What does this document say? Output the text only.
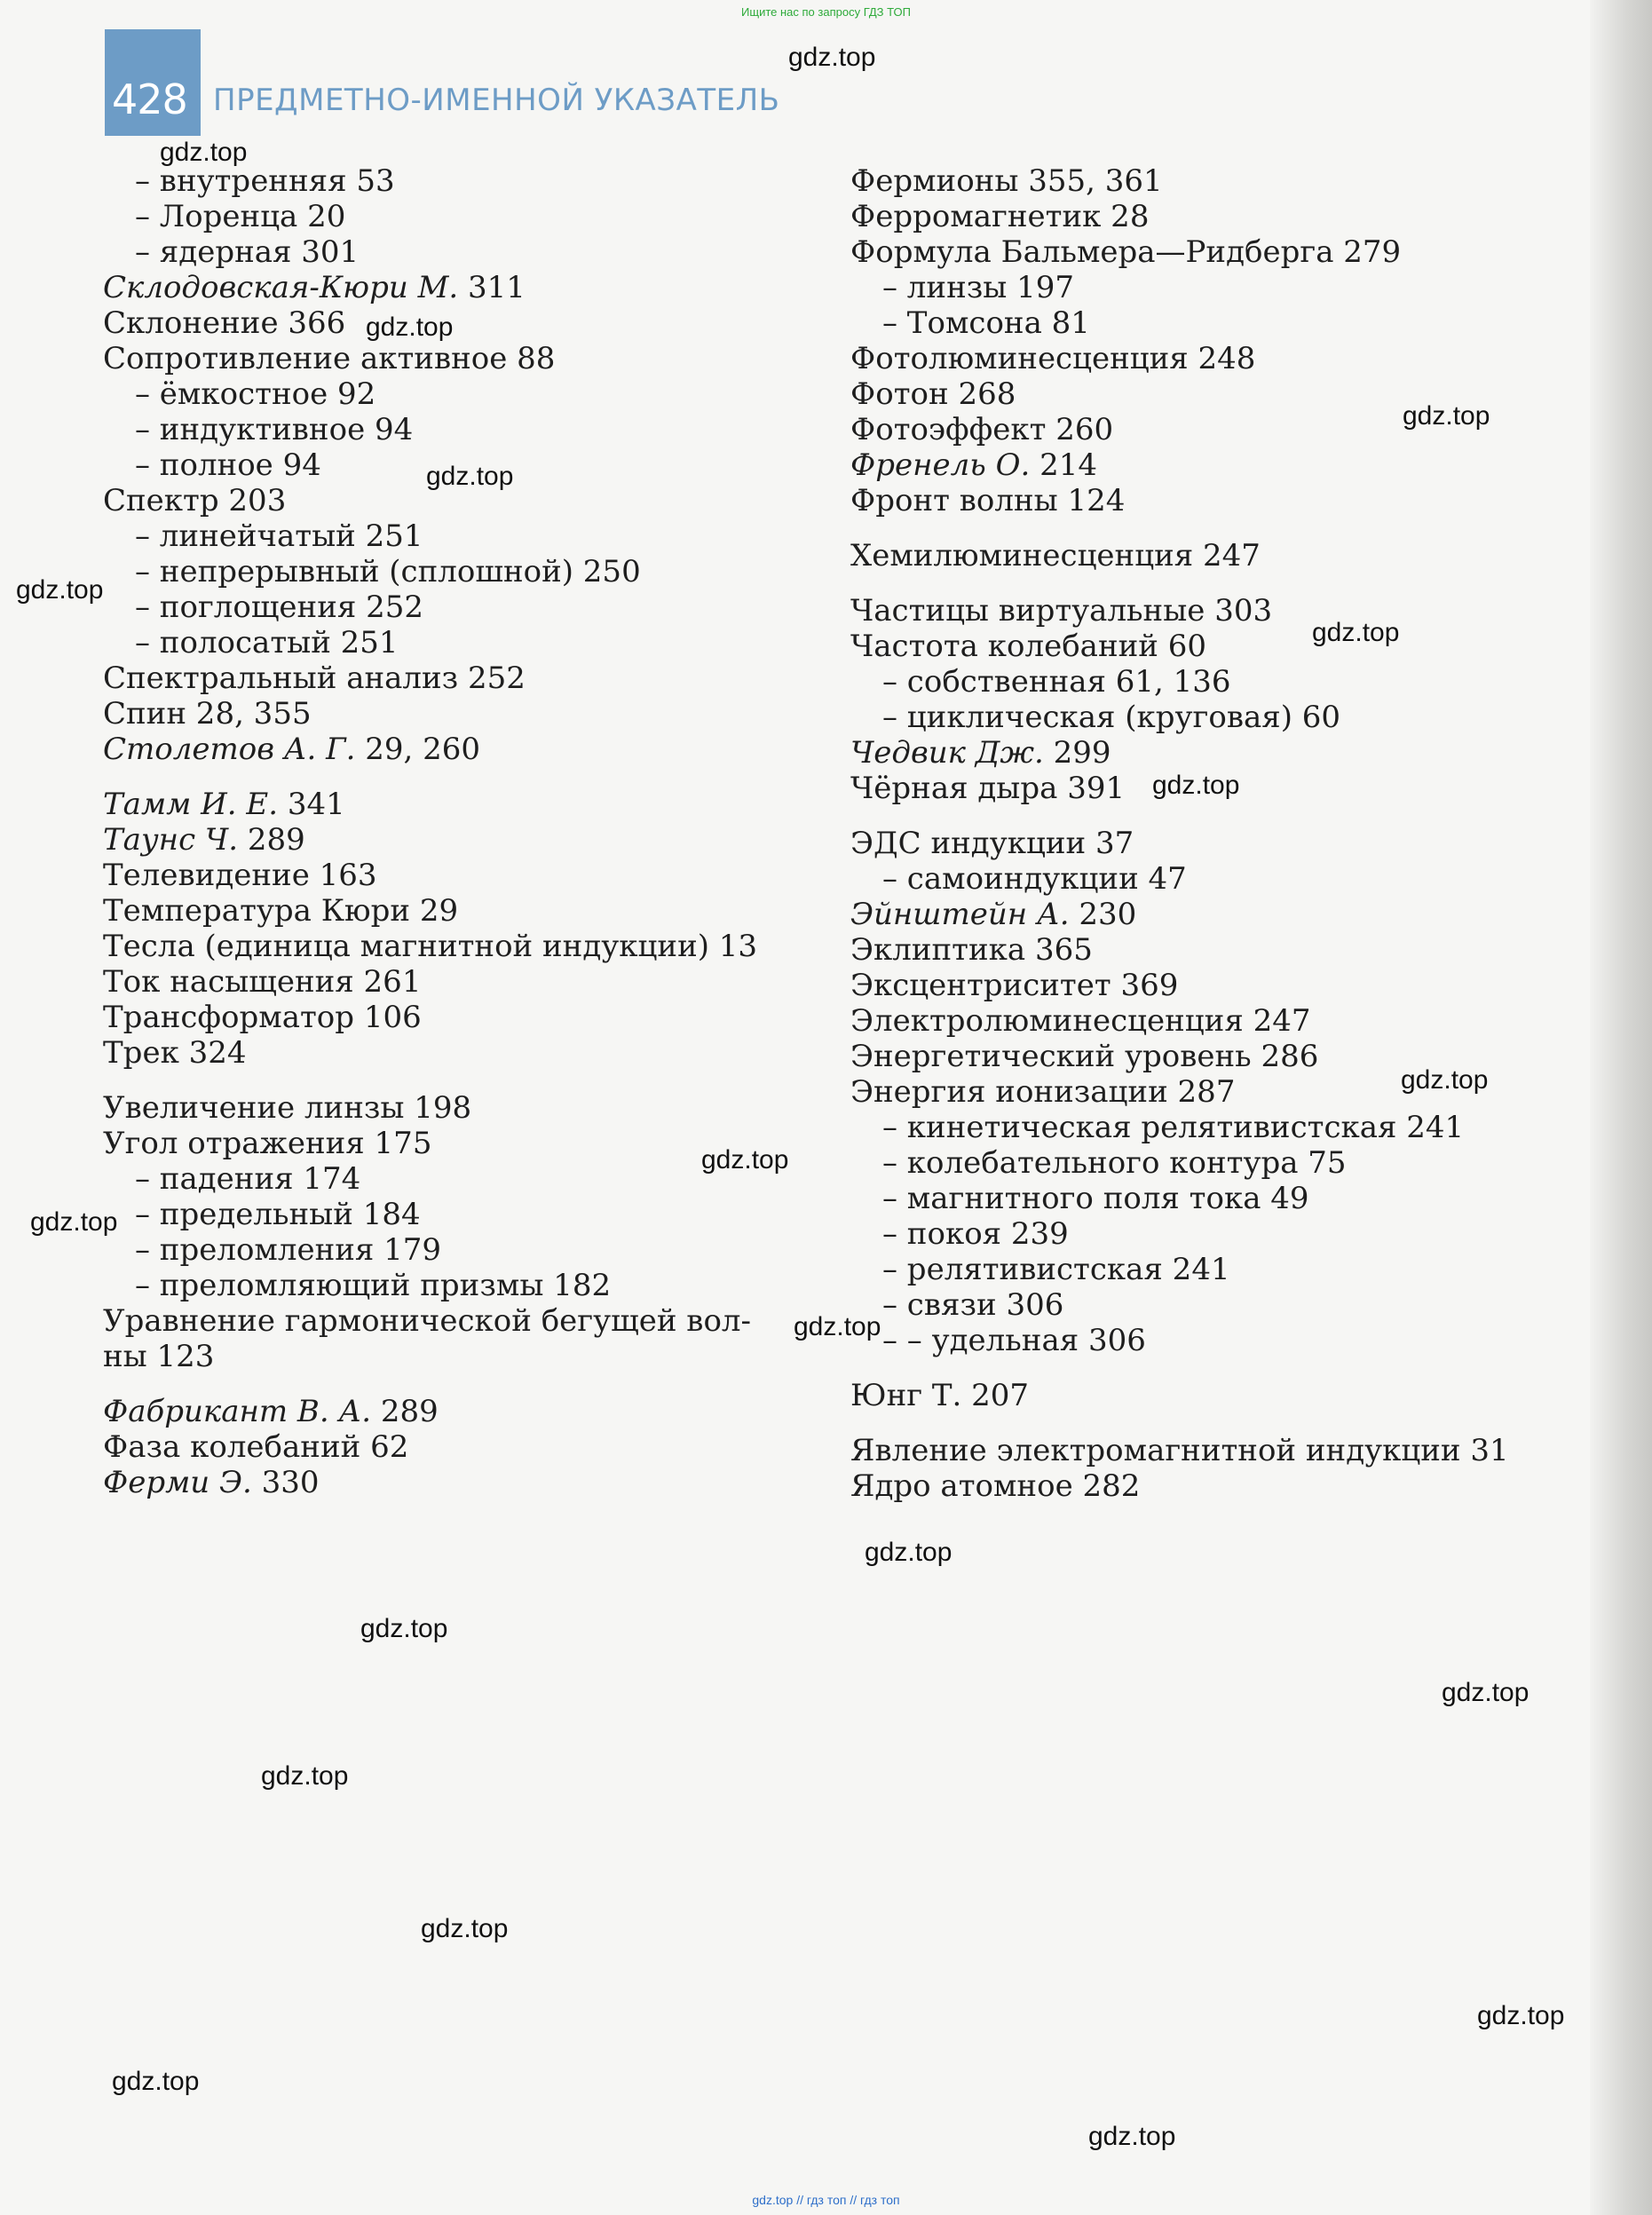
Ищите нас по запросу ГДЗ ТОП
428 ПРЕДМЕТНО-ИМЕННОЙ УКАЗАТЕЛЬ
– внутренняя 53
– Лоренца 20
– ядерная 301
Склодовская-Кюри М. 311
Склонение 366
Сопротивление активное 88
– ёмкостное 92
– индуктивное 94
– полное 94
Спектр 203
– линейчатый 251
– непрерывный (сплошной) 250
– поглощения 252
– полосатый 251
Спектральный анализ 252
Спин 28, 355
Столетов А. Г. 29, 260
Тамм И. Е. 341
Таунс Ч. 289
Телевидение 163
Температура Кюри 29
Тесла (единица магнитной индукции) 13
Ток насыщения 261
Трансформатор 106
Трек 324
Увеличение линзы 198
Угол отражения 175
– падения 174
– предельный 184
– преломления 179
– преломляющий призмы 182
Уравнение гармонической бегущей вол-
ны 123
Фабрикант В. А. 289
Фаза колебаний 62
Ферми Э. 330
Фермионы 355, 361
Ферромагнетик 28
Формула Бальмера—Ридберга 279
– линзы 197
– Томсона 81
Фотолюминесценция 248
Фотон 268
Фотоэффект 260
Френель О. 214
Фронт волны 124
Хемилюминесценция 247
Частицы виртуальные 303
Частота колебаний 60
– собственная 61, 136
– циклическая (круговая) 60
Чедвик Дж. 299
Чёрная дыра 391
ЭДС индукции 37
– самоиндукции 47
Эйнштейн А. 230
Эклиптика 365
Эксцентриситет 369
Электролюминесценция 247
Энергетический уровень 286
Энергия ионизации 287
– кинетическая релятивистская 241
– колебательного контура 75
– магнитного поля тока 49
– покоя 239
– релятивистская 241
– связи 306
– – удельная 306
Юнг Т. 207
Явление электромагнитной индукции 31
Ядро атомное 282
gdz.top
gdz.top
gdz.top
gdz.top
gdz.top
gdz.top
gdz.top
gdz.top
gdz.top
gdz.top
gdz.top
gdz.top
gdz.top
gdz.top
gdz.top
gdz.top
gdz.top
gdz.top
gdz.top
gdz.top
gdz.top // гдз топ // гдз топ
